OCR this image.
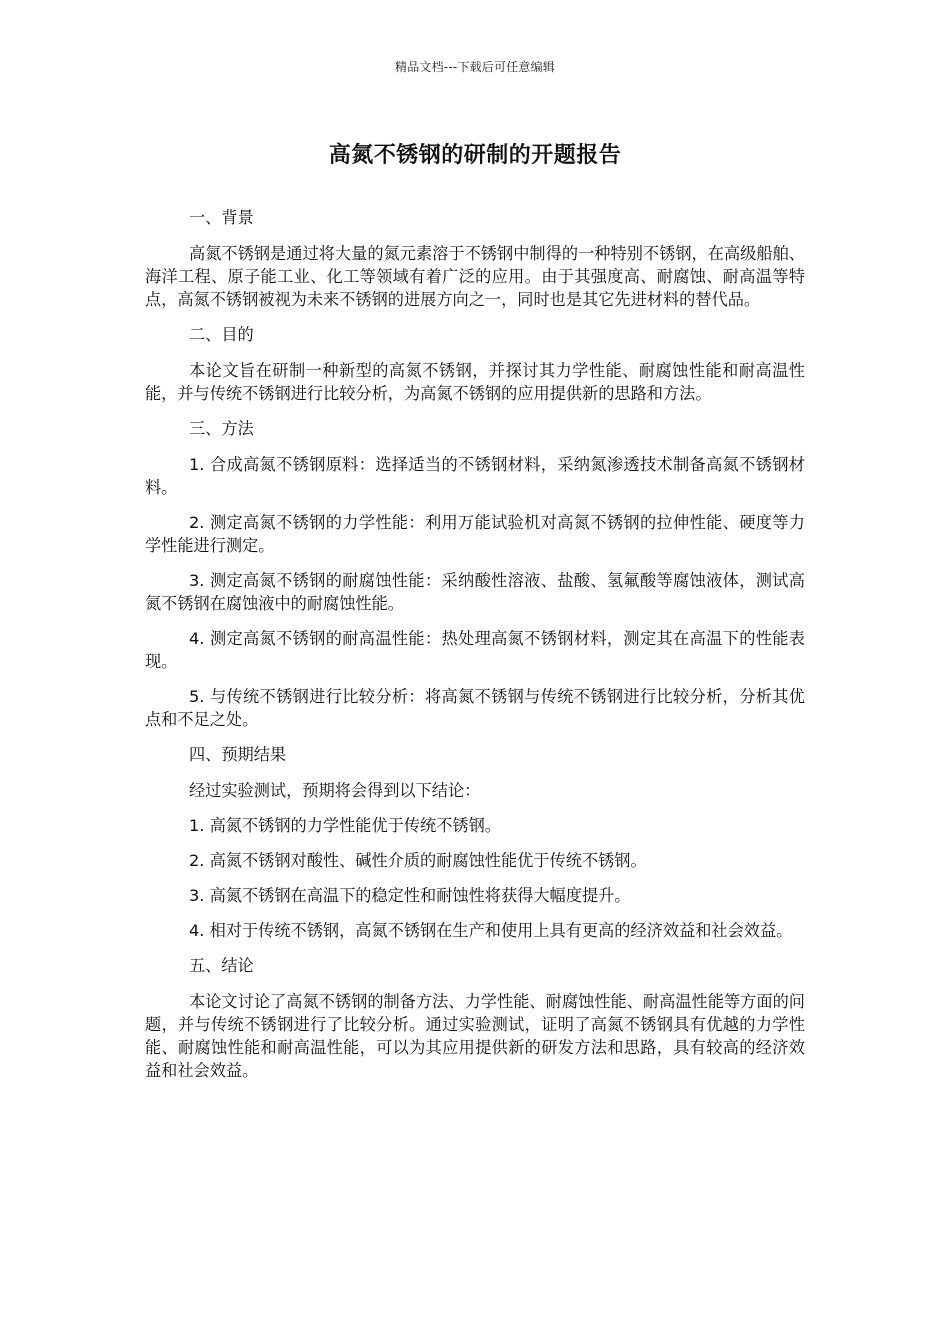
精品文档---下载后可任意编辑
高氮不锈钢的研制的开题报告

一、背景

高氮不锈钢是通过将大量的氮元素溶于不锈钢中制得的一种特别不锈钢，在高级船舶、海洋工程、原子能工业、化工等领域有着广泛的应用。由于其强度高、耐腐蚀、耐高温等特点，高氮不锈钢被视为未来不锈钢的进展方向之一，同时也是其它先进材料的替代品。

二、目的

本论文旨在研制一种新型的高氮不锈钢，并探讨其力学性能、耐腐蚀性能和耐高温性能，并与传统不锈钢进行比较分析，为高氮不锈钢的应用提供新的思路和方法。

三、方法

1. 合成高氮不锈钢原料：选择适当的不锈钢材料，采纳氮渗透技术制备高氮不锈钢材料。

2. 测定高氮不锈钢的力学性能：利用万能试验机对高氮不锈钢的拉伸性能、硬度等力学性能进行测定。

3. 测定高氮不锈钢的耐腐蚀性能：采纳酸性溶液、盐酸、氢氟酸等腐蚀液体，测试高氮不锈钢在腐蚀液中的耐腐蚀性能。

4. 测定高氮不锈钢的耐高温性能：热处理高氮不锈钢材料，测定其在高温下的性能表现。

5. 与传统不锈钢进行比较分析：将高氮不锈钢与传统不锈钢进行比较分析，分析其优点和不足之处。

四、预期结果

经过实验测试，预期将会得到以下结论：

1. 高氮不锈钢的力学性能优于传统不锈钢。

2. 高氮不锈钢对酸性、碱性介质的耐腐蚀性能优于传统不锈钢。

3. 高氮不锈钢在高温下的稳定性和耐蚀性将获得大幅度提升。

4. 相对于传统不锈钢，高氮不锈钢在生产和使用上具有更高的经济效益和社会效益。

五、结论

本论文讨论了高氮不锈钢的制备方法、力学性能、耐腐蚀性能、耐高温性能等方面的问题，并与传统不锈钢进行了比较分析。通过实验测试，证明了高氮不锈钢具有优越的力学性能、耐腐蚀性能和耐高温性能，可以为其应用提供新的研发方法和思路，具有较高的经济效益和社会效益。
